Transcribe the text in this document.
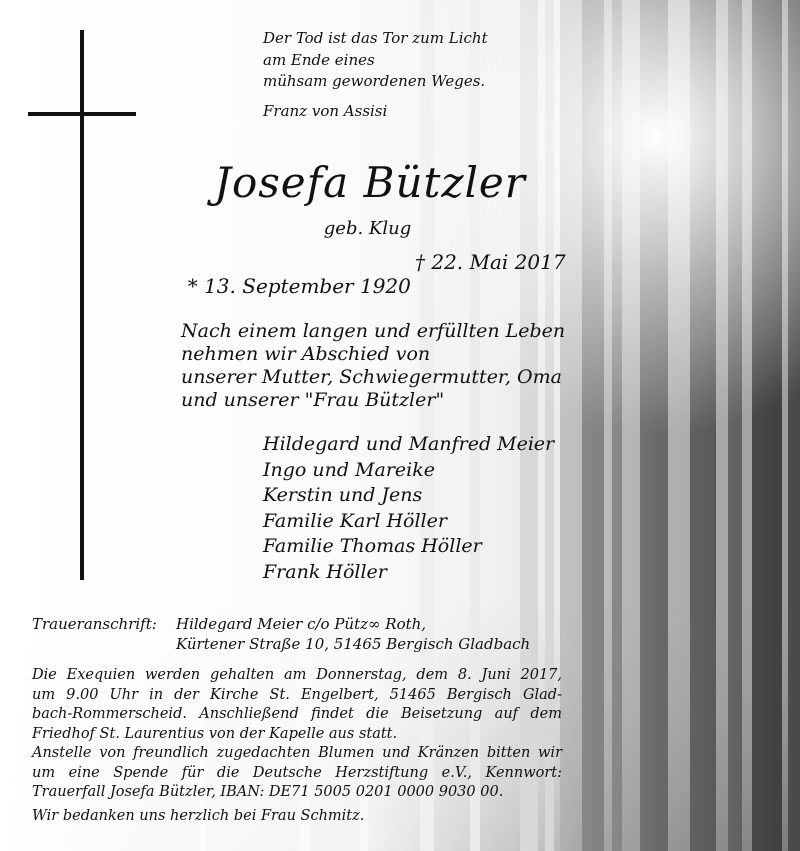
Der Tod ist das Tor zum Licht
am Ende eines
mühsam gewordenen Weges.
Franz von Assisi
Josefa Bützler
geb. Klug

* 13. September 1920

† 22. Mai 2017

Nach einem langen und erfüllten Leben
nehmen wir Abschied von
unserer Mutter, Schwiegermutter, Oma
und unserer "Frau Bützler"
Hildegard und Manfred Meier
Ingo und Mareike
Kerstin und Jens
Familie Karl Höller
Familie Thomas Höller
Frank Höller
Traueranschrift: Hildegard Meier c/o Pütz∞ Roth,
Kürtener Straße 10, 51465 Bergisch Gladbach
Die Exequien werden gehalten am Donnerstag, dem 8. Juni 2017,
um 9.00 Uhr in der Kirche St. Engelbert, 51465 Bergisch Glad-
bach-Rommerscheid. Anschließend findet die Beisetzung auf dem
Friedhof St. Laurentius von der Kapelle aus statt.
Anstelle von freundlich zugedachten Blumen und Kränzen bitten wir
um eine Spende für die Deutsche Herzstiftung e.V., Kennwort:
Trauerfall Josefa Bützler, IBAN: DE71 5005 0201 0000 9030 00.
Wir bedanken uns herzlich bei Frau Schmitz.
